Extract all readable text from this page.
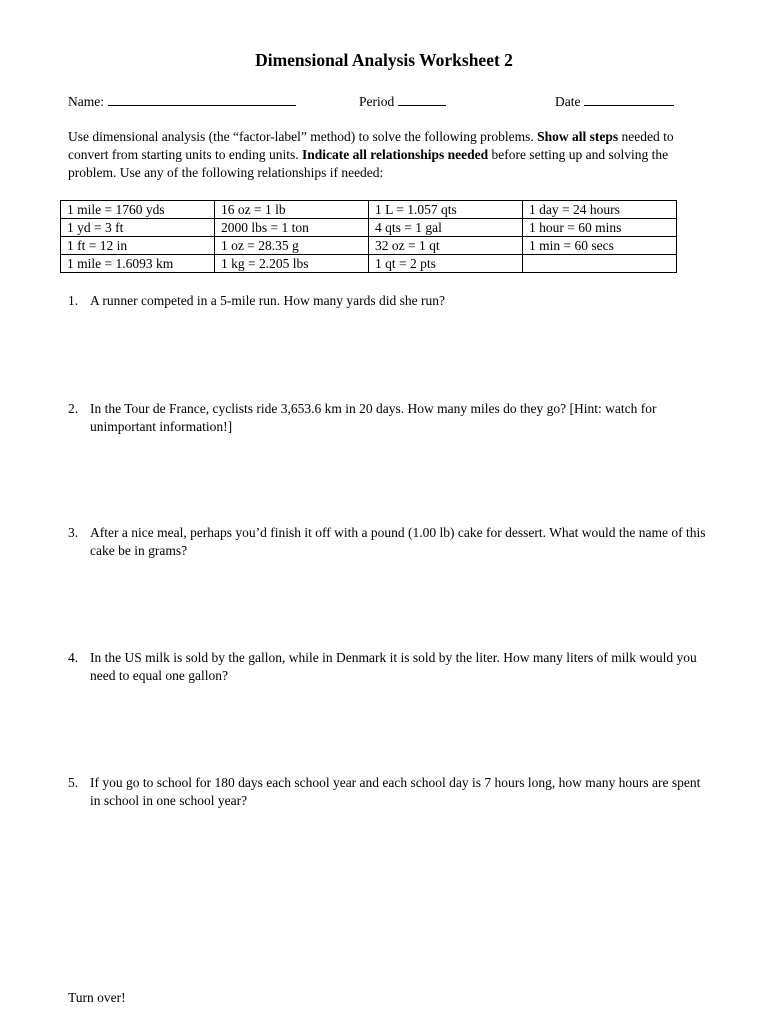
Dimensional Analysis Worksheet 2
Name:	Period	Date
Use dimensional analysis (the “factor-label” method) to solve the following problems. Show all steps needed to convert from starting units to ending units. Indicate all relationships needed before setting up and solving the problem. Use any of the following relationships if needed:
1 mile = 1760 yds	16 oz = 1 lb	1 L = 1.057 qts	1 day = 24 hours
1 yd = 3 ft	2000 lbs = 1 ton	4 qts = 1 gal	1 hour = 60 mins
1 ft = 12 in	1 oz = 28.35 g	32 oz = 1 qt	1 min = 60 secs
1 mile = 1.6093 km	1 kg = 2.205 lbs	1 qt = 2 pts	
1. A runner competed in a 5-mile run. How many yards did she run?
2. In the Tour de France, cyclists ride 3,653.6 km in 20 days. How many miles do they go? [Hint: watch for unimportant information!]
3. After a nice meal, perhaps you’d finish it off with a pound (1.00 lb) cake for dessert. What would the name of this cake be in grams?
4. In the US milk is sold by the gallon, while in Denmark it is sold by the liter. How many liters of milk would you need to equal one gallon?
5. If you go to school for 180 days each school year and each school day is 7 hours long, how many hours are spent in school in one school year?
Turn over!
